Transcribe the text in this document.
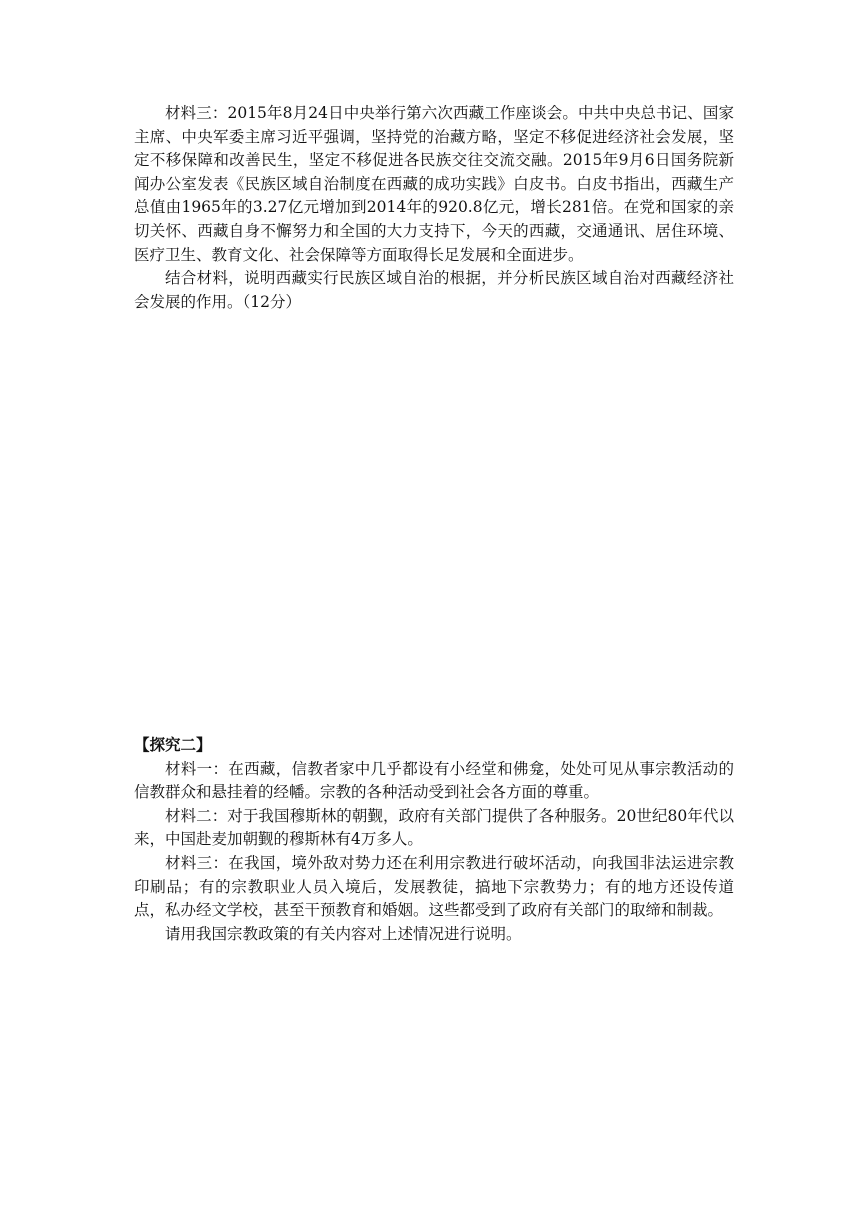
材料三：2015年8月24日中央举行第六次西藏工作座谈会。中共中央总书记、国家主席、中央军委主席习近平强调，坚持党的治藏方略，坚定不移促进经济社会发展，坚定不移保障和改善民生，坚定不移促进各民族交往交流交融。2015年9月6日国务院新闻办公室发表《民族区域自治制度在西藏的成功实践》白皮书。白皮书指出，西藏生产总值由1965年的3.27亿元增加到2014年的920.8亿元，增长281倍。在党和国家的亲切关怀、西藏自身不懈努力和全国的大力支持下，今天的西藏，交通通讯、居住环境、医疗卫生、教育文化、社会保障等方面取得长足发展和全面进步。

结合材料，说明西藏实行民族区域自治的根据，并分析民族区域自治对西藏经济社会发展的作用。（12分）

【探究二】

材料一：在西藏，信教者家中几乎都设有小经堂和佛龛，处处可见从事宗教活动的信教群众和悬挂着的经幡。宗教的各种活动受到社会各方面的尊重。

材料二：对于我国穆斯林的朝觐，政府有关部门提供了各种服务。20世纪80年代以来，中国赴麦加朝觐的穆斯林有4万多人。

材料三：在我国，境外敌对势力还在利用宗教进行破坏活动，向我国非法运进宗教印刷品；有的宗教职业人员入境后，发展教徒，搞地下宗教势力；有的地方还设传道点，私办经文学校，甚至干预教育和婚姻。这些都受到了政府有关部门的取缔和制裁。

请用我国宗教政策的有关内容对上述情况进行说明。
